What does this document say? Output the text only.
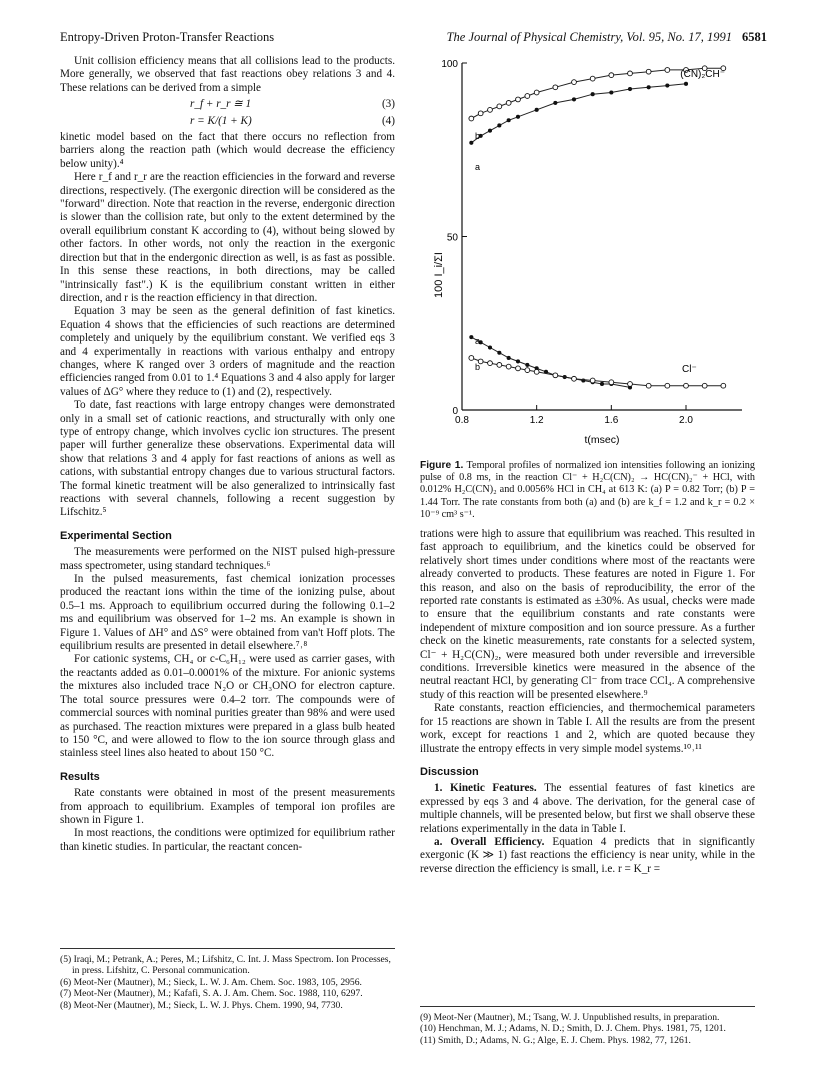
Entropy-Driven Proton-Transfer Reactions	The Journal of Physical Chemistry, Vol. 95, No. 17, 1991 6581

Unit collision efficiency means that all collisions lead to the products. More generally, we observed that fast reactions obey relations 3 and 4. These relations can be derived from a simple

r_f + r_r ≅ 1	(3)
r = K/(1 + K)	(4)

kinetic model based on the fact that there occurs no reflection from barriers along the reaction path (which would decrease the efficiency below unity).⁴

Here r_f and r_r are the reaction efficiencies in the forward and reverse directions, respectively. (The exergonic direction will be considered as the "forward" direction. Note that reaction in the reverse, endergonic direction is slower than the collision rate, but only to the extent determined by the overall equilibrium constant K according to (4), without being slowed by other factors. In other words, not only the reaction in the exergonic direction but that in the endergonic direction as well, is as fast as possible. In this sense these reactions, in both directions, may be called "intrinsically fast".) K is the equilibrium constant written in either direction, and r is the reaction efficiency in that direction.

Equation 3 may be seen as the general definition of fast kinetics. Equation 4 shows that the efficiencies of such reactions are determined completely and uniquely by the equilibrium constant. We verified eqs 3 and 4 experimentally in reactions with various enthalpy and entropy changes, where K ranged over 3 orders of magnitude and the reaction efficiencies ranged from 0.01 to 1.⁴ Equations 3 and 4 also apply for larger values of ΔG° where they reduce to (1) and (2), respectively.

To date, fast reactions with large entropy changes were demonstrated only in a small set of cationic reactions, and structurally with only one type of entropy change, which involves cyclic ion structures. The present paper will further generalize these observations. Experimental data will show that relations 3 and 4 apply for fast reactions of anions as well as cations, with substantial entropy changes due to various structural factors. The formal kinetic treatment will be also generalized to intrinsically fast reactions with several channels, following a recent suggestion by Lifschitz.⁵

Experimental Section

The measurements were performed on the NIST pulsed high-pressure mass spectrometer, using standard techniques.⁶

In the pulsed measurements, fast chemical ionization processes produced the reactant ions within the time of the ionizing pulse, about 0.5–1 ms. Approach to equilibrium occurred during the following 0.1–2 ms and equilibrium was observed for 1–2 ms. An example is shown in Figure 1. Values of ΔH° and ΔS° were obtained from van't Hoff plots. The equilibrium results are presented in detail elsewhere.⁷˒⁸

For cationic systems, CH₄ or c-C₆H₁₂ were used as carrier gases, with the reactants added as 0.01–0.0001% of the mixture. For anionic systems the mixtures also included trace N₂O or CH₃ONO for electron capture. The total source pressures were 0.4–2 torr. The compounds were of commercial sources with nominal purities greater than 98% and were used as purchased. The reaction mixtures were prepared in a glass bulb heated to 150 °C, and were allowed to flow to the ion source through glass and stainless steel lines also heated to about 150 °C.

Results

Rate constants were obtained in most of the present measurements from approach to equilibrium. Examples of temporal ion profiles are shown in Figure 1.

In most reactions, the conditions were optimized for equilibrium rather than kinetic studies. In particular, the reactant concen-

(5) Iraqi, M.; Petrank, A.; Peres, M.; Lifshitz, C. Int. J. Mass Spectrom. Ion Processes, in press. Lifshitz, C. Personal communication.

(6) Meot-Ner (Mautner), M.; Sieck, L. W. J. Am. Chem. Soc. 1983, 105, 2956.

(7) Meot-Ner (Mautner), M.; Kafafi, S. A. J. Am. Chem. Soc. 1988, 110, 6297.

(8) Meot-Ner (Mautner), M.; Sieck, L. W. J. Phys. Chem. 1990, 94, 7730.

0.8	1.2	1.6	2.0
0
50
100
100 I_i/ΣI
t(msec)
(CN)₂CH⁻
Cl⁻
a
b
a
b
Figure 1. Temporal profiles of normalized ion intensities following an ionizing pulse of 0.8 ms, in the reaction Cl⁻ + H₂C(CN)₂ → HC(CN)₂⁻ + HCl, with 0.012% H₂C(CN)₂ and 0.0056% HCl in CH₄ at 613 K: (a) P = 0.82 Torr; (b) P = 1.44 Torr. The rate constants from both (a) and (b) are k_f = 1.2 and k_r = 0.2 × 10⁻⁹ cm³ s⁻¹.

trations were high to assure that equilibrium was reached. This resulted in fast approach to equilibrium, and the kinetics could be observed for relatively short times under conditions where most of the reactants were already converted to products. These features are noted in Figure 1. For this reason, and also on the basis of reproducibility, the error of the reported rate constants is estimated as ±30%. As usual, checks were made to ensure that the equilibrium constants and rate constants were independent of mixture composition and ion source pressure. As a further check on the kinetic measurements, rate constants for a selected system, Cl⁻ + H₂C(CN)₂, were measured both under reversible and irreversible conditions. Irreversible kinetics were measured in the absence of the neutral reactant HCl, by generating Cl⁻ from trace CCl₄. A comprehensive study of this reaction will be presented elsewhere.⁹

Rate constants, reaction efficiencies, and thermochemical parameters for 15 reactions are shown in Table I. All the results are from the present work, except for reactions 1 and 2, which are quoted because they illustrate the entropy effects in very simple model systems.¹⁰˒¹¹

Discussion

1. Kinetic Features. The essential features of fast kinetics are expressed by eqs 3 and 4 above. The derivation, for the general case of multiple channels, will be presented below, but first we shall observe these relations experimentally in the data in Table I.

a. Overall Efficiency. Equation 4 predicts that in significantly exergonic (K ≫ 1) fast reactions the efficiency is near unity, while in the reverse direction the efficiency is small, i.e. r = K_r =

(9) Meot-Ner (Mautner), M.; Tsang, W. J. Unpublished results, in preparation.

(10) Henchman, M. J.; Adams, N. D.; Smith, D. J. Chem. Phys. 1981, 75, 1201.

(11) Smith, D.; Adams, N. G.; Alge, E. J. Chem. Phys. 1982, 77, 1261.
